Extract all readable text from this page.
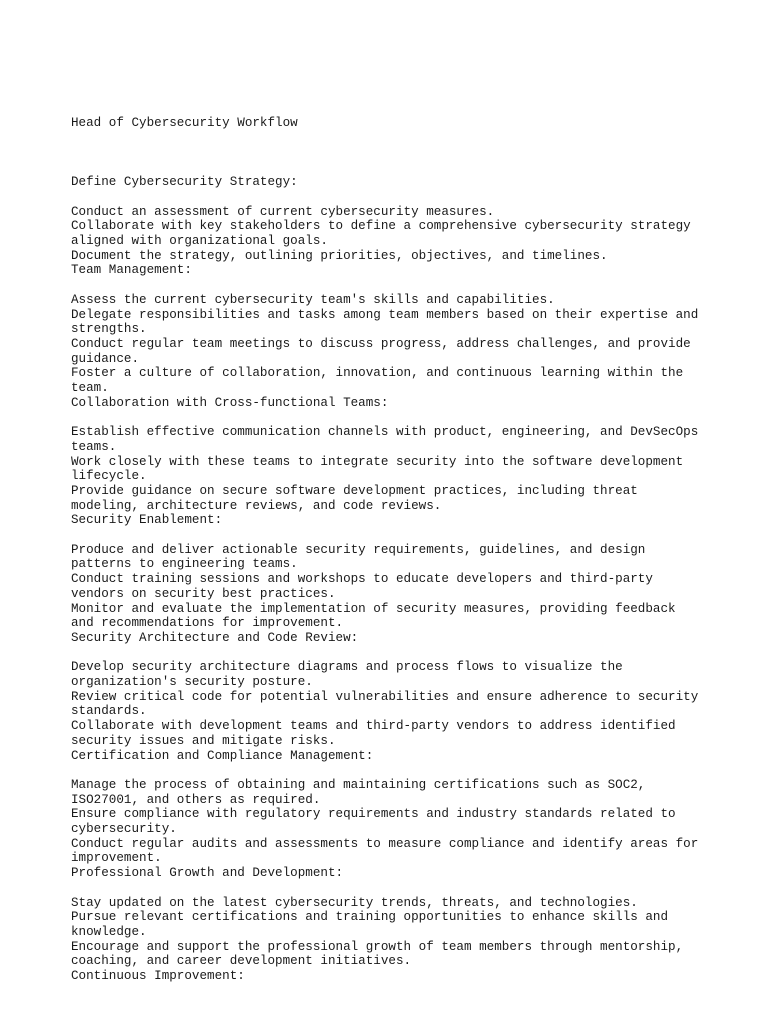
Head of Cybersecurity Workflow

Define Cybersecurity Strategy:
Conduct an assessment of current cybersecurity measures.
Collaborate with key stakeholders to define a comprehensive cybersecurity strategy
aligned with organizational goals.
Document the strategy, outlining priorities, objectives, and timelines.
Team Management:
Assess the current cybersecurity team's skills and capabilities.
Delegate responsibilities and tasks among team members based on their expertise and
strengths.
Conduct regular team meetings to discuss progress, address challenges, and provide
guidance.
Foster a culture of collaboration, innovation, and continuous learning within the
team.
Collaboration with Cross-functional Teams:
Establish effective communication channels with product, engineering, and DevSecOps
teams.
Work closely with these teams to integrate security into the software development
lifecycle.
Provide guidance on secure software development practices, including threat
modeling, architecture reviews, and code reviews.
Security Enablement:
Produce and deliver actionable security requirements, guidelines, and design
patterns to engineering teams.
Conduct training sessions and workshops to educate developers and third-party
vendors on security best practices.
Monitor and evaluate the implementation of security measures, providing feedback
and recommendations for improvement.
Security Architecture and Code Review:
Develop security architecture diagrams and process flows to visualize the
organization's security posture.
Review critical code for potential vulnerabilities and ensure adherence to security
standards.
Collaborate with development teams and third-party vendors to address identified
security issues and mitigate risks.
Certification and Compliance Management:
Manage the process of obtaining and maintaining certifications such as SOC2,
ISO27001, and others as required.
Ensure compliance with regulatory requirements and industry standards related to
cybersecurity.
Conduct regular audits and assessments to measure compliance and identify areas for
improvement.
Professional Growth and Development:
Stay updated on the latest cybersecurity trends, threats, and technologies.
Pursue relevant certifications and training opportunities to enhance skills and
knowledge.
Encourage and support the professional growth of team members through mentorship,
coaching, and career development initiatives.
Continuous Improvement:
